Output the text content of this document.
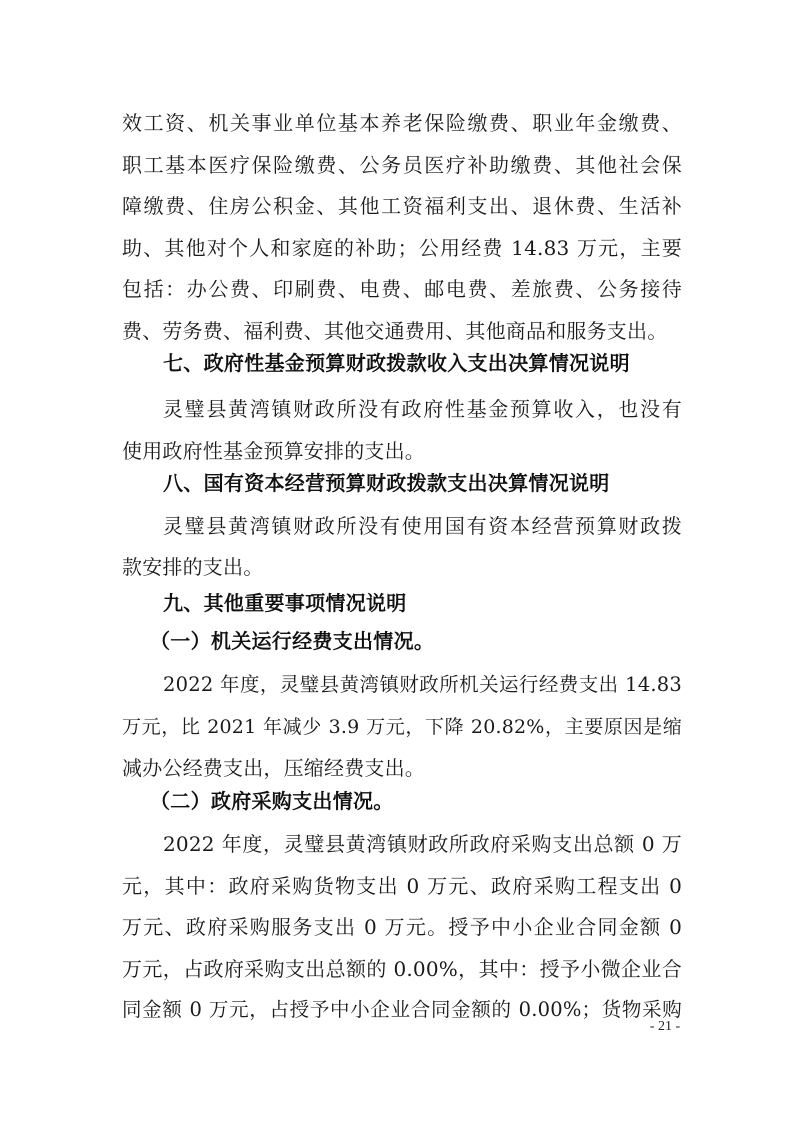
效工资、机关事业单位基本养老保险缴费、职业年金缴费、
职工基本医疗保险缴费、公务员医疗补助缴费、其他社会保
障缴费、住房公积金、其他工资福利支出、退休费、生活补
助、其他对个人和家庭的补助；公用经费 14.83 万元，主要
包括：办公费、印刷费、电费、邮电费、差旅费、公务接待
费、劳务费、福利费、其他交通费用、其他商品和服务支出。
七、政府性基金预算财政拨款收入支出决算情况说明
灵璧县黄湾镇财政所没有政府性基金预算收入，也没有
使用政府性基金预算安排的支出。
八、国有资本经营预算财政拨款支出决算情况说明
灵璧县黄湾镇财政所没有使用国有资本经营预算财政拨
款安排的支出。
九、其他重要事项情况说明
（一）机关运行经费支出情况。
2022 年度，灵璧县黄湾镇财政所机关运行经费支出 14.83
万元，比 2021 年减少 3.9 万元，下降 20.82%，主要原因是缩
减办公经费支出，压缩经费支出。
（二）政府采购支出情况。
2022 年度，灵璧县黄湾镇财政所政府采购支出总额 0 万
元，其中：政府采购货物支出 0 万元、政府采购工程支出 0
万元、政府采购服务支出 0 万元。授予中小企业合同金额 0
万元，占政府采购支出总额的 0.00%，其中：授予小微企业合
同金额 0 万元，占授予中小企业合同金额的 0.00%；货物采购
- 21 -
